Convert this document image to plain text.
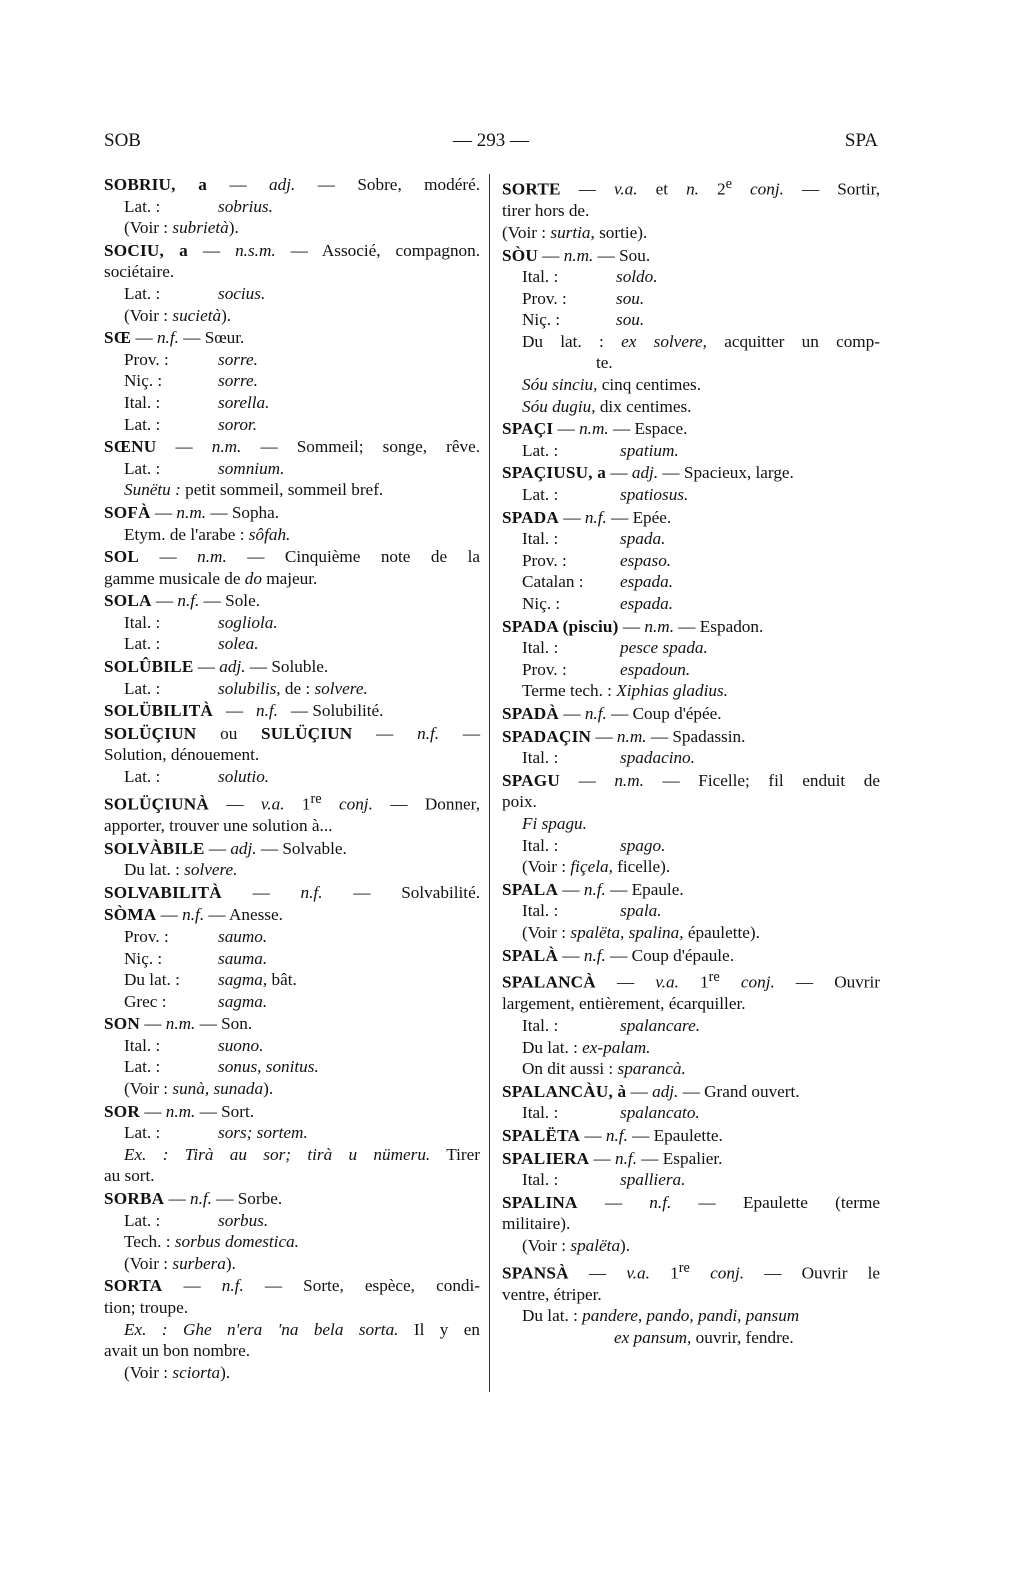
SOB	— 293 —	SPA
SOBRIU, a — adj. — Sobre, modéré.
Lat. :	sobrius.
(Voir : subrietà).
SOCIU, a — n.s.m. — Associé, compagnon.
sociétaire.
Lat. :	socius.
(Voir : sucietà).
SŒ — n.f. — Sœur.
Prov. :	sorre.
Niç. :	sorre.
Ital. :	sorella.
Lat. :	soror.
SŒNU — n.m. — Sommeil; songe, rêve.
Lat. :	somnium.
Sunëtu : petit sommeil, sommeil bref.
SOFÀ — n.m. — Sopha.
Etym. de l'arabe : sôfah.
SOL — n.m. — Cinquième note de la
gamme musicale de do majeur.
SOLA — n.f. — Sole.
Ital. :	sogliola.
Lat. :	solea.
SOLÛBILE — adj. — Soluble.
Lat. :	solubilis, de : solvere.
SOLÜBILITÀ — n.f. — Solubilité.
SOLÜÇIUN ou SULÜÇIUN — n.f. —
Solution, dénouement.
Lat. :	solutio.
SOLÜÇIUNÀ — v.a. 1re conj. — Donner,
apporter, trouver une solution à...
SOLVÀBILE — adj. — Solvable.
Du lat. : solvere.
SOLVABILITÀ — n.f. — Solvabilité.
SÒMA — n.f. — Anesse.
Prov. :	saumo.
Niç. :	sauma.
Du lat. : sagma, bât.
Grec :	sagma.
SON — n.m. — Son.
Ital. :	suono.
Lat. :	sonus, sonitus.
(Voir : sunà, sunada).
SOR — n.m. — Sort.
Lat. :	sors; sortem.
Ex. : Tirà au sor; tirà u nümeru. Tirer
au sort.
SORBA — n.f. — Sorbe.
Lat. :	sorbus.
Tech. : sorbus domestica.
(Voir : surbera).
SORTA — n.f. — Sorte, espèce, condi-
tion; troupe.
Ex. : Ghe n'era 'na bela sorta. Il y en
avait un bon nombre.
(Voir : sciorta).
SORTE — v.a. et n. 2e conj. — Sortir,
tirer hors de.
(Voir : surtia, sortie).
SÒU — n.m. — Sou.
Ital. :	soldo.
Prov. :	sou.
Niç. :	sou.
Du lat. : ex solvere, acquitter un comp-
te.
Sóu sinciu, cinq centimes.
Sóu dugiu, dix centimes.
SPAÇI — n.m. — Espace.
Lat. :	spatium.
SPAÇIUSU, a — adj. — Spacieux, large.
Lat. :	spatiosus.
SPADA — n.f. — Epée.
Ital. :	spada.
Prov. :	espaso.
Catalan : espada.
Niç. :	espada.
SPADA (pisciu) — n.m. — Espadon.
Ital. :	pesce spada.
Prov. :	espadoun.
Terme tech. : Xiphias gladius.
SPADÀ — n.f. — Coup d'épée.
SPADAÇIN — n.m. — Spadassin.
Ital. :	spadacino.
SPAGU — n.m. — Ficelle; fil enduit de
poix.
Fi spagu.
Ital. :	spago.
(Voir : fiçela, ficelle).
SPALA — n.f. — Epaule.
Ital. :	spala.
(Voir : spalëta, spalina, épaulette).
SPALÀ — n.f. — Coup d'épaule.
SPALANCÀ — v.a. 1re conj. — Ouvrir
largement, entièrement, écarquiller.
Ital. :	spalancare.
Du lat. : ex-palam.
On dit aussi : sparancà.
SPALANCÀU, à — adj. — Grand ouvert.
Ital. :	spalancato.
SPALËTA — n.f. — Epaulette.
SPALIERA — n.f. — Espalier.
Ital. :	spalliera.
SPALINA — n.f. — Epaulette (terme
militaire).
(Voir : spalëta).
SPANSÀ — v.a. 1re conj. — Ouvrir le
ventre, étriper.
Du lat. : pandere, pando, pandi, pansum
ex pansum, ouvrir, fendre.
